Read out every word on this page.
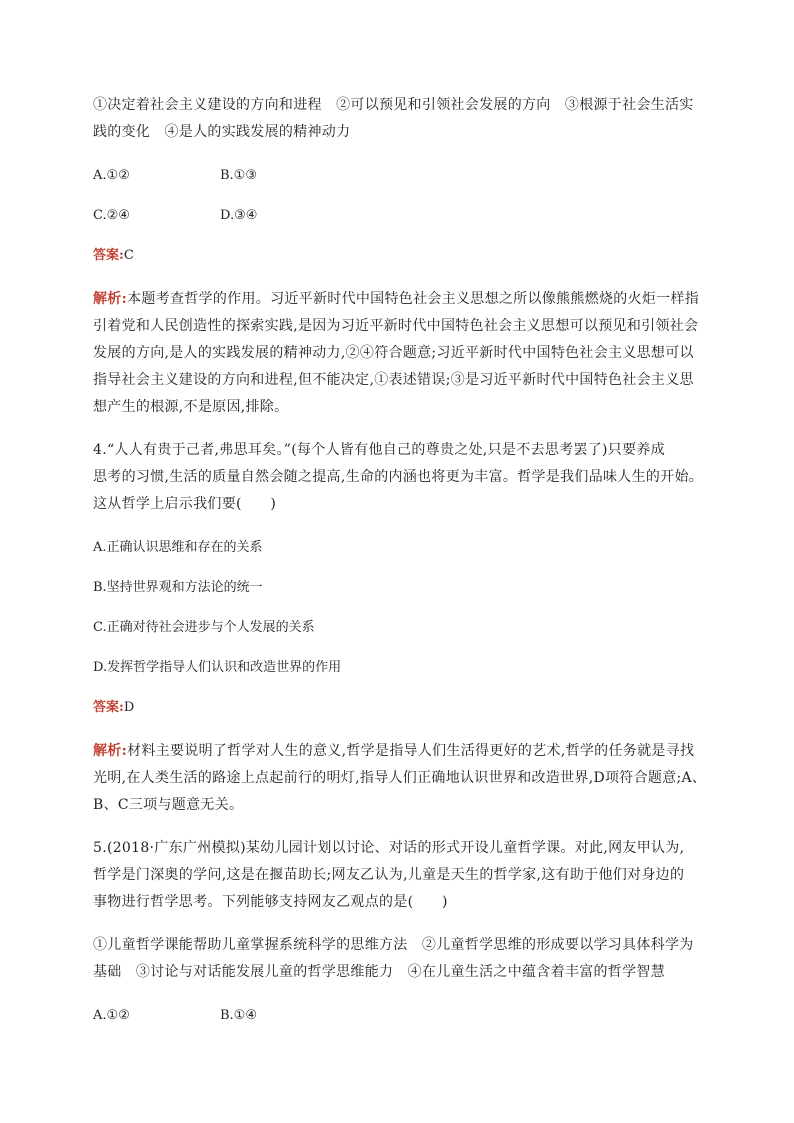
①决定着社会主义建设的方向和进程　②可以预见和引领社会发展的方向　③根源于社会生活实

践的变化　④是人的实践发展的精神动力

A.①②	B.①③

C.②④	D.③④

答案:C

解析:本题考查哲学的作用。习近平新时代中国特色社会主义思想之所以像熊熊燃烧的火炬一样指

引着党和人民创造性的探索实践,是因为习近平新时代中国特色社会主义思想可以预见和引领社会

发展的方向,是人的实践发展的精神动力,②④符合题意;习近平新时代中国特色社会主义思想可以

指导社会主义建设的方向和进程,但不能决定,①表述错误;③是习近平新时代中国特色社会主义思

想产生的根源,不是原因,排除。

4.“人人有贵于己者,弗思耳矣。”(每个人皆有他自己的尊贵之处,只是不去思考罢了)只要养成

思考的习惯,生活的质量自然会随之提高,生命的内涵也将更为丰富。哲学是我们品味人生的开始。

这从哲学上启示我们要(　　)

A.正确认识思维和存在的关系

B.坚持世界观和方法论的统一

C.正确对待社会进步与个人发展的关系

D.发挥哲学指导人们认识和改造世界的作用

答案:D

解析:材料主要说明了哲学对人生的意义,哲学是指导人们生活得更好的艺术,哲学的任务就是寻找

光明,在人类生活的路途上点起前行的明灯,指导人们正确地认识世界和改造世界,D项符合题意;A、

B、C三项与题意无关。

5.(2018·广东广州模拟)某幼儿园计划以讨论、对话的形式开设儿童哲学课。对此,网友甲认为,

哲学是门深奥的学问,这是在揠苗助长;网友乙认为,儿童是天生的哲学家,这有助于他们对身边的

事物进行哲学思考。下列能够支持网友乙观点的是(　　)

①儿童哲学课能帮助儿童掌握系统科学的思维方法　②儿童哲学思维的形成要以学习具体科学为

基础　③讨论与对话能发展儿童的哲学思维能力　④在儿童生活之中蕴含着丰富的哲学智慧

A.①②	B.①④
